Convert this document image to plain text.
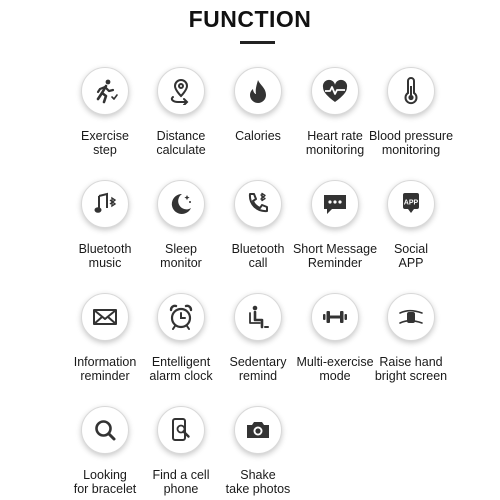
FUNCTION
Exercise
step
Distance
calculate
Calories	Heart rate
monitoring
Blood pressure
monitoring
Bluetooth
music
Sleep
monitor
Bluetooth
call
Short Message
Reminder
APP
Social
APP
Information
reminder
Entelligent
alarm clock
Sedentary
remind
Multi-exercise
mode
Raise hand
bright screen
Looking
for bracelet
Find a cell
phone
Shake
take photos
